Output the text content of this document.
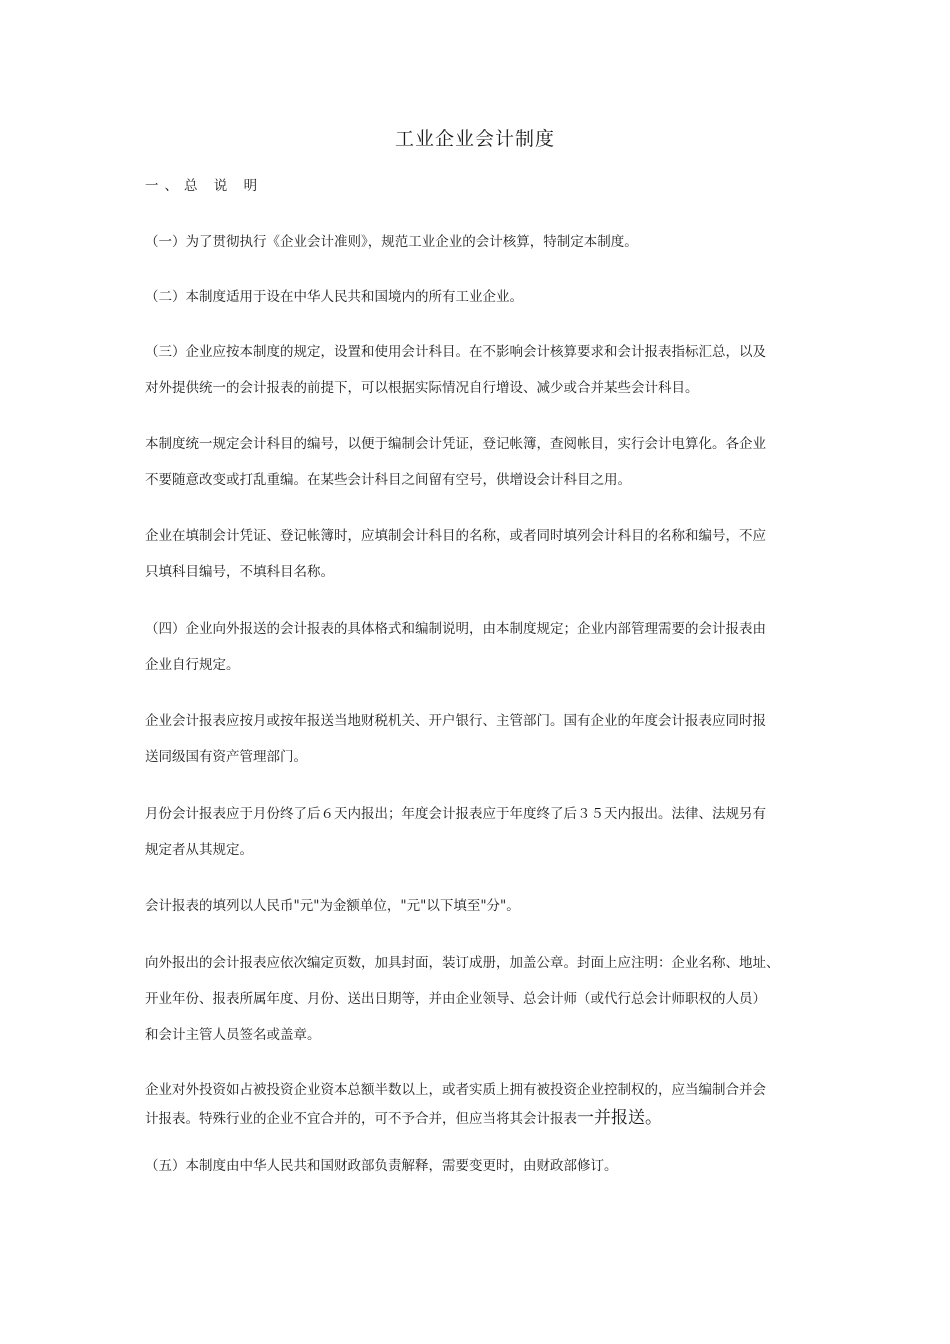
工业企业会计制度
一、总 说 明
（一）为了贯彻执行《企业会计准则》，规范工业企业的会计核算，特制定本制度。
（二）本制度适用于设在中华人民共和国境内的所有工业企业。
（三）企业应按本制度的规定，设置和使用会计科目。在不影响会计核算要求和会计报表指标汇总，以及
对外提供统一的会计报表的前提下，可以根据实际情况自行增设、减少或合并某些会计科目。
本制度统一规定会计科目的编号，以便于编制会计凭证，登记帐簿，查阅帐目，实行会计电算化。各企业
不要随意改变或打乱重编。在某些会计科目之间留有空号，供增设会计科目之用。
企业在填制会计凭证、登记帐簿时，应填制会计科目的名称，或者同时填列会计科目的名称和编号，不应
只填科目编号，不填科目名称。
（四）企业向外报送的会计报表的具体格式和编制说明，由本制度规定；企业内部管理需要的会计报表由
企业自行规定。
企业会计报表应按月或按年报送当地财税机关、开户银行、主管部门。国有企业的年度会计报表应同时报
送同级国有资产管理部门。
月份会计报表应于月份终了后６天内报出；年度会计报表应于年度终了后３５天内报出。法律、法规另有
规定者从其规定。
会计报表的填列以人民币"元"为金额单位，"元"以下填至"分"。
向外报出的会计报表应依次编定页数，加具封面，装订成册，加盖公章。封面上应注明：企业名称、地址、
开业年份、报表所属年度、月份、送出日期等，并由企业领导、总会计师（或代行总会计师职权的人员）
和会计主管人员签名或盖章。
企业对外投资如占被投资企业资本总额半数以上，或者实质上拥有被投资企业控制权的，应当编制合并会
计报表。特殊行业的企业不宜合并的，可不予合并，但应当将其会计报表一并报送。
（五）本制度由中华人民共和国财政部负责解释，需要变更时，由财政部修订。
